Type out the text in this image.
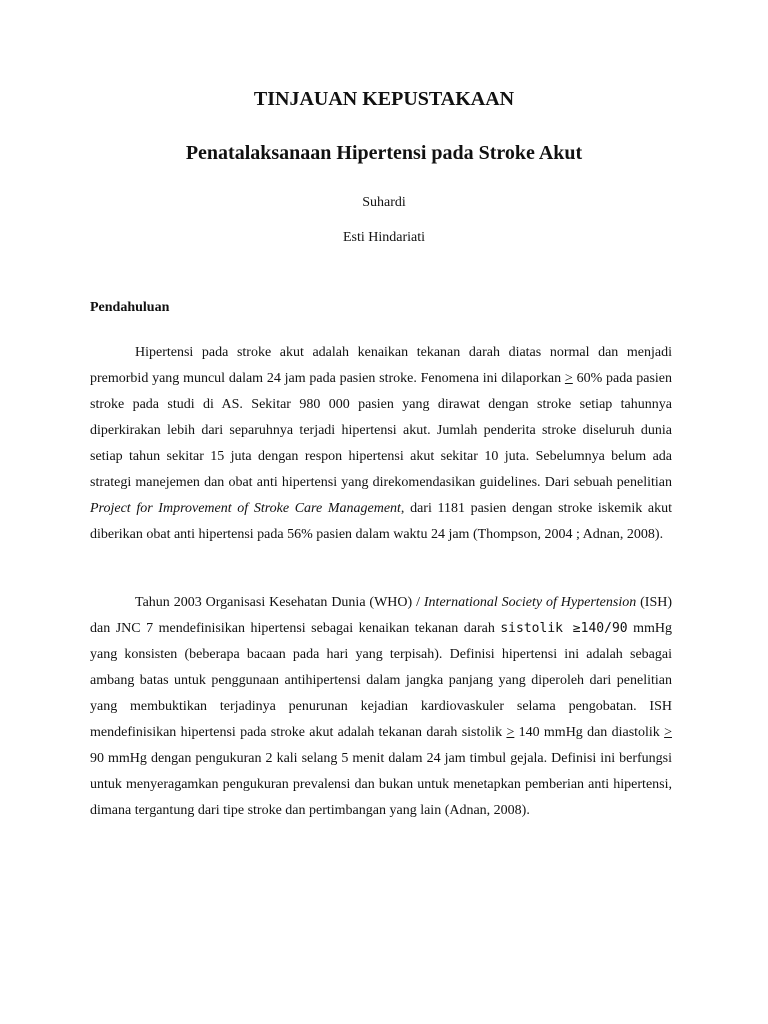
TINJAUAN KEPUSTAKAAN
Penatalaksanaan Hipertensi pada Stroke Akut
Suhardi
Esti Hindariati
Pendahuluan

Hipertensi pada stroke akut adalah kenaikan tekanan darah diatas normal dan menjadi premorbid yang muncul dalam 24 jam pada pasien stroke. Fenomena ini dilaporkan ≥ 60% pada pasien stroke pada studi di AS. Sekitar 980 000 pasien yang dirawat dengan stroke setiap tahunnya diperkirakan lebih dari separuhnya terjadi hipertensi akut. Jumlah penderita stroke diseluruh dunia setiap tahun sekitar 15 juta dengan respon hipertensi akut sekitar 10 juta. Sebelumnya belum ada strategi manejemen dan obat anti hipertensi yang direkomendasikan guidelines. Dari sebuah penelitian Project for Improvement of Stroke Care Management, dari 1181 pasien dengan stroke iskemik akut diberikan obat anti hipertensi pada 56% pasien dalam waktu 24 jam (Thompson, 2004 ; Adnan, 2008).

Tahun 2003 Organisasi Kesehatan Dunia (WHO) / International Society of Hypertension (ISH) dan JNC 7 mendefinisikan hipertensi sebagai kenaikan tekanan darah sistolik ≥140/90 mmHg yang konsisten (beberapa bacaan pada hari yang terpisah). Definisi hipertensi ini adalah sebagai ambang batas untuk penggunaan antihipertensi dalam jangka panjang yang diperoleh dari penelitian yang membuktikan terjadinya penurunan kejadian kardiovaskuler selama pengobatan. ISH mendefinisikan hipertensi pada stroke akut adalah tekanan darah sistolik > 140 mmHg dan diastolik > 90 mmHg dengan pengukuran 2 kali selang 5 menit dalam 24 jam timbul gejala. Definisi ini berfungsi untuk menyeragamkan pengukuran prevalensi dan bukan untuk menetapkan pemberian anti hipertensi, dimana tergantung dari tipe stroke dan pertimbangan yang lain (Adnan, 2008).
